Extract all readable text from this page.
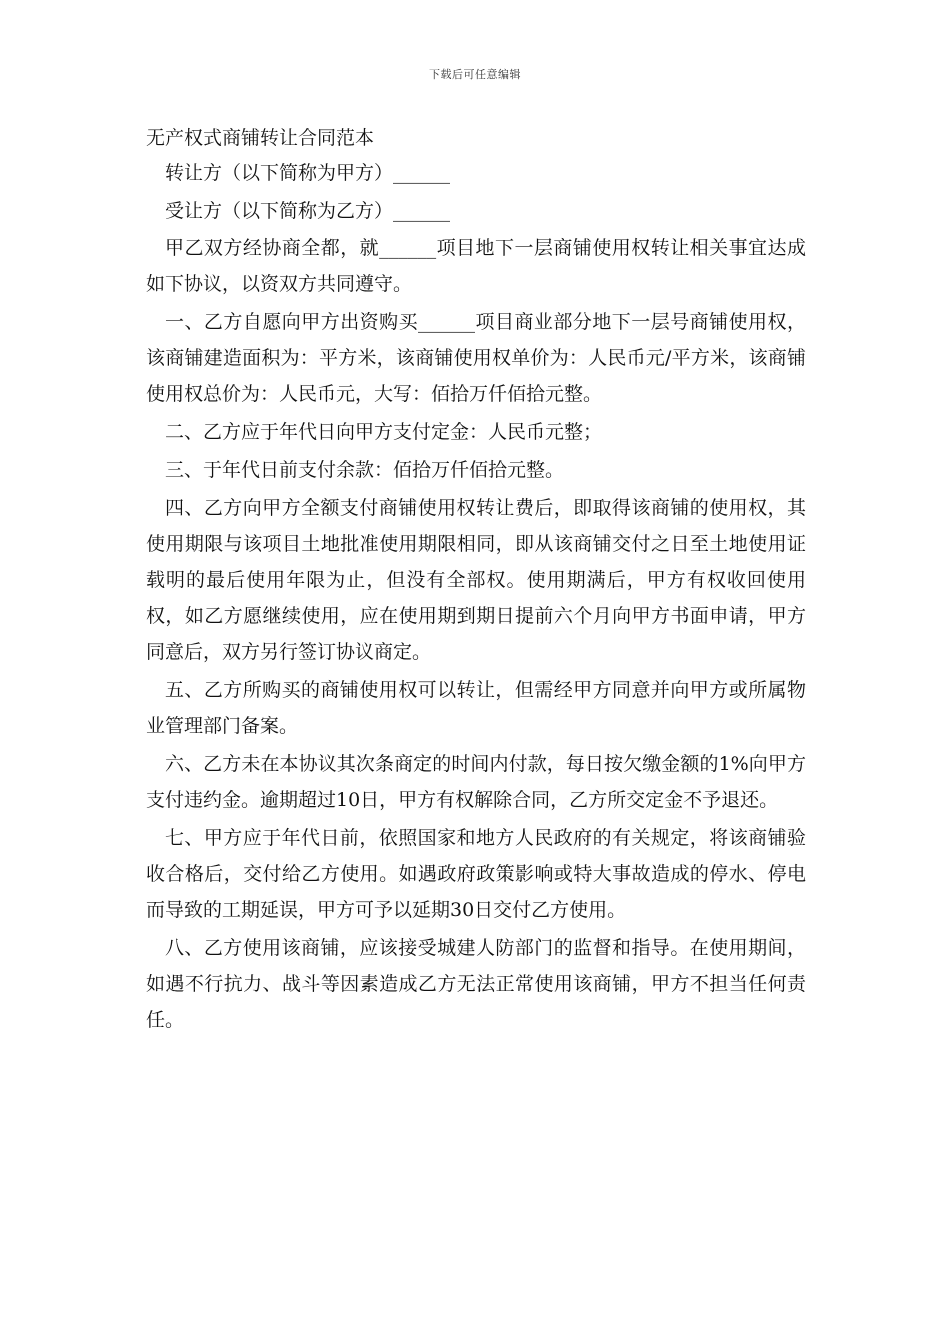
下载后可任意编辑
无产权式商铺转让合同范本

转让方（以下简称为甲方）______

受让方（以下简称为乙方）______

甲乙双方经协商全都，就______项目地下一层商铺使用权转让相关事宜达成如下协议，以资双方共同遵守。

一、乙方自愿向甲方出资购买______项目商业部分地下一层号商铺使用权，该商铺建造面积为：平方米，该商铺使用权单价为：人民币元/平方米，该商铺使用权总价为：人民币元，大写：佰拾万仟佰拾元整。

二、乙方应于年代日向甲方支付定金：人民币元整；

三、于年代日前支付余款：佰拾万仟佰拾元整。

四、乙方向甲方全额支付商铺使用权转让费后，即取得该商铺的使用权，其使用期限与该项目土地批准使用期限相同，即从该商铺交付之日至土地使用证载明的最后使用年限为止，但没有全部权。使用期满后，甲方有权收回使用权，如乙方愿继续使用，应在使用期到期日提前六个月向甲方书面申请，甲方同意后，双方另行签订协议商定。

五、乙方所购买的商铺使用权可以转让，但需经甲方同意并向甲方或所属物业管理部门备案。

六、乙方未在本协议其次条商定的时间内付款，每日按欠缴金额的1%向甲方支付违约金。逾期超过10日，甲方有权解除合同，乙方所交定金不予退还。

七、甲方应于年代日前，依照国家和地方人民政府的有关规定，将该商铺验收合格后，交付给乙方使用。如遇政府政策影响或特大事故造成的停水、停电而导致的工期延误，甲方可予以延期30日交付乙方使用。

八、乙方使用该商铺，应该接受城建人防部门的监督和指导。在使用期间，如遇不行抗力、战斗等因素造成乙方无法正常使用该商铺，甲方不担当任何责任。
